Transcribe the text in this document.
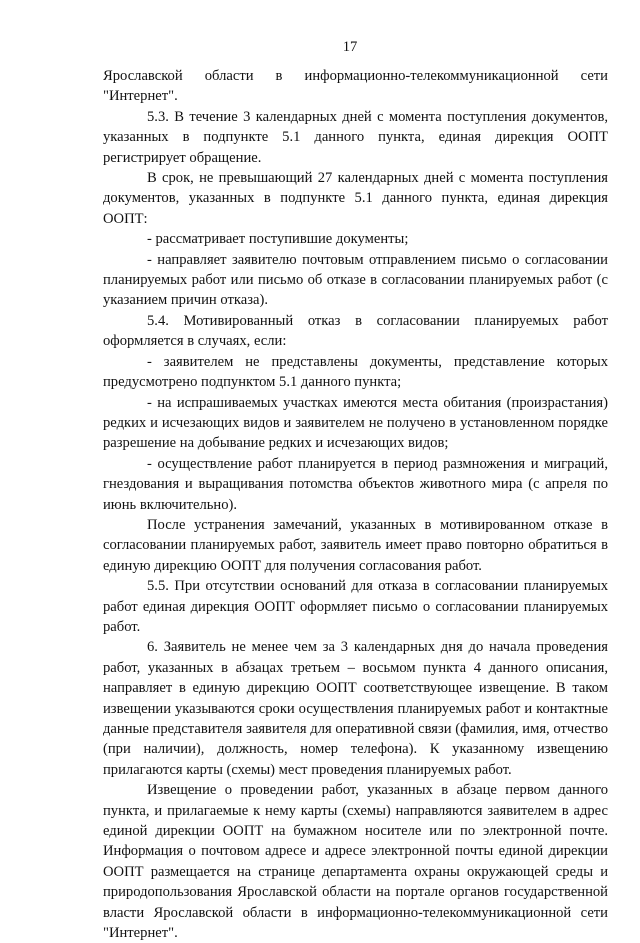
17

Ярославской области в информационно-телекоммуникационной сети "Интернет".

5.3. В течение 3 календарных дней с момента поступления документов, указанных в подпункте 5.1 данного пункта, единая дирекция ООПТ регистрирует обращение.

В срок, не превышающий 27 календарных дней с момента поступления документов, указанных в подпункте 5.1 данного пункта, единая дирекция ООПТ:

- рассматривает поступившие документы;

- направляет заявителю почтовым отправлением письмо о согласовании планируемых работ или письмо об отказе в согласовании планируемых работ (с указанием причин отказа).

5.4. Мотивированный отказ в согласовании планируемых работ оформляется в случаях, если:

- заявителем не представлены документы, представление которых предусмотрено подпунктом 5.1 данного пункта;

- на испрашиваемых участках имеются места обитания (произрастания) редких и исчезающих видов и заявителем не получено в установленном порядке разрешение на добывание редких и исчезающих видов;

- осуществление работ планируется в период размножения и миграций, гнездования и выращивания потомства объектов животного мира (с апреля по июнь включительно).

После устранения замечаний, указанных в мотивированном отказе в согласовании планируемых работ, заявитель имеет право повторно обратиться в единую дирекцию ООПТ для получения согласования работ.

5.5. При отсутствии оснований для отказа в согласовании планируемых работ единая дирекция ООПТ оформляет письмо о согласовании планируемых работ.

6. Заявитель не менее чем за 3 календарных дня до начала проведения работ, указанных в абзацах третьем – восьмом пункта 4 данного описания, направляет в единую дирекцию ООПТ соответствующее извещение. В таком извещении указываются сроки осуществления планируемых работ и контактные данные представителя заявителя для оперативной связи (фамилия, имя, отчество (при наличии), должность, номер телефона). К указанному извещению прилагаются карты (схемы) мест проведения планируемых работ.

Извещение о проведении работ, указанных в абзаце первом данного пункта, и прилагаемые к нему карты (схемы) направляются заявителем в адрес единой дирекции ООПТ на бумажном носителе или по электронной почте. Информация о почтовом адресе и адресе электронной почты единой дирекции ООПТ размещается на странице департамента охраны окружающей среды и природопользования Ярославской области на портале органов государственной власти Ярославской области в информационно-телекоммуникационной сети "Интернет".
